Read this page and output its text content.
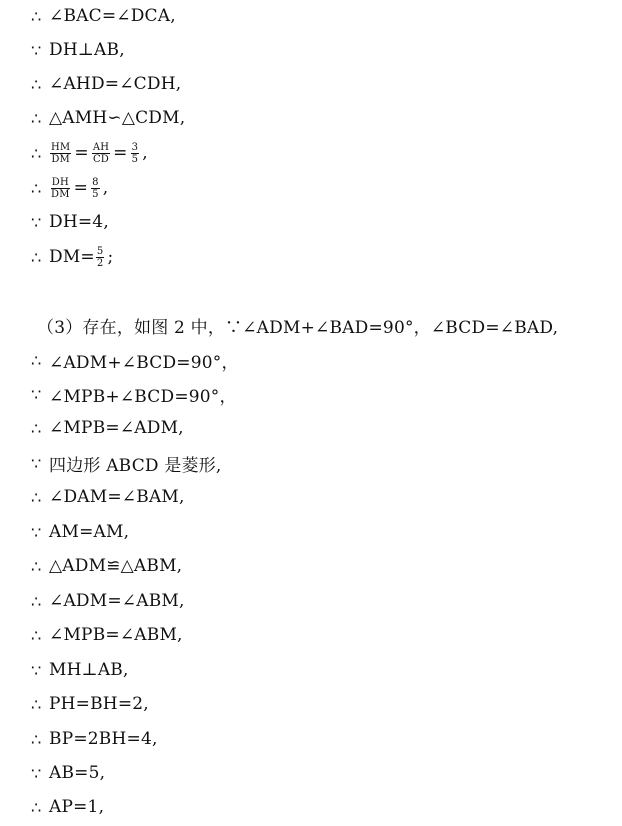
∴ ∠BAC=∠DCA,
∵ DH⊥AB,
∴ ∠AHD=∠CDH,
∴ △AMH∽△CDM,
∴ $\frac{HM}{DM} = \frac{AH}{CD} = \frac{3}{5}$ ,
∴ $\frac{DH}{DM} = \frac{8}{5}$ ,
∵ DH=4,
∴ $DM= \frac{5}{2}$ ;
（3）存在，如图 2 中，∵∠ADM+∠BAD=90°，∠BCD=∠BAD,
∴ ∠ADM+∠BCD=90°，
∵ ∠MPB+∠BCD=90°，
∴ ∠MPB=∠ADM,
∵ 四边形 ABCD 是菱形,
∴ ∠DAM=∠BAM,
∵ AM=AM,
∴ △ADM≌△ABM,
∴ ∠ADM=∠ABM,
∴ ∠MPB=∠ABM,
∵ MH⊥AB,
∴ PH=BH=2,
∴ BP=2BH=4,
∵ AB=5,
∴ AP=1,
